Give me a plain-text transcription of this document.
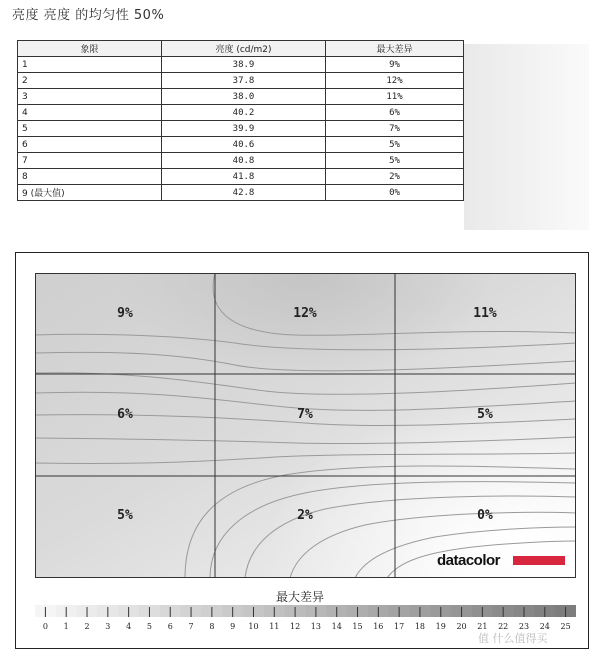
亮度 亮度 的均匀性 50%
象限	亮度 (cd/m2)	最大差异
1	38.9	9%
2	37.8	12%
3	38.0	11%
4	40.2	6%
5	39.9	7%
6	40.6	5%
7	40.8	5%
8	41.8	2%
9 (最大值)	42.8	0%
9%	12%	11%
6%	7%	5%
5%	2%	0%
datacolor
最大差异
0 1 2 3 4 5 6 7 8 9 10 11 12 13 14 15 16 17 18 19 20 21 22 23 24 25
值 什么值得买
